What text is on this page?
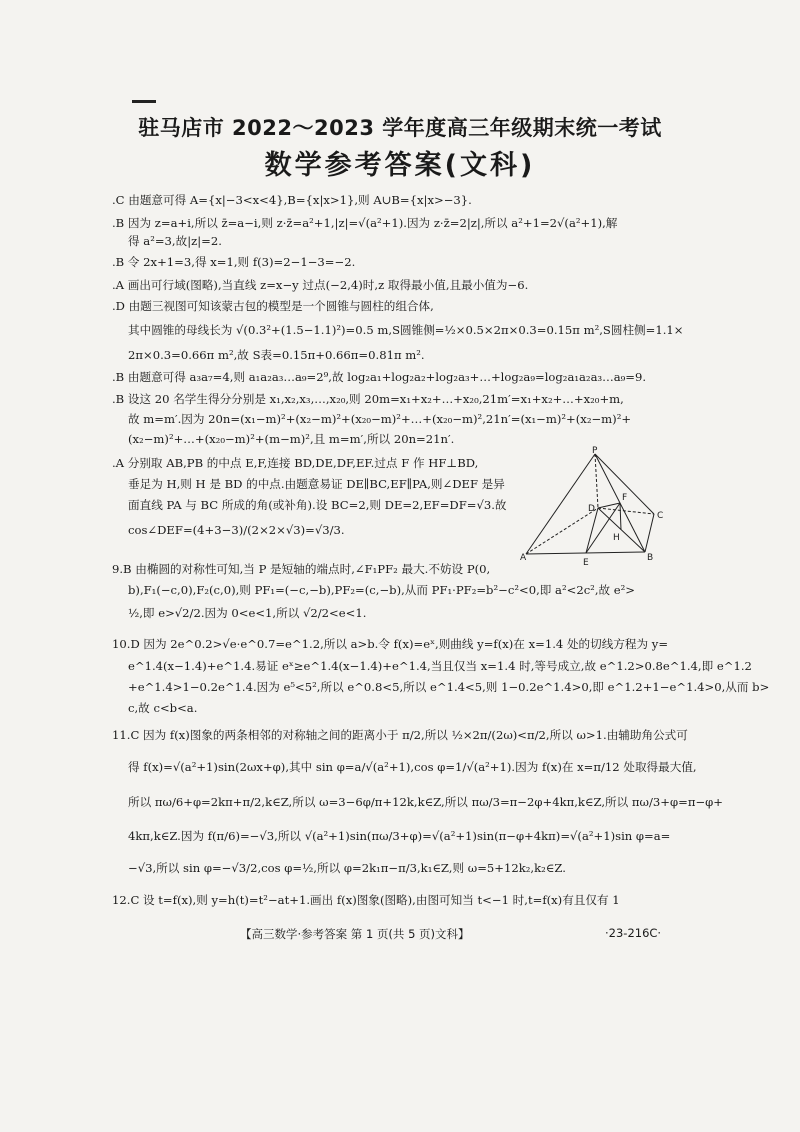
驻马店市 2022～2023 学年度高三年级期末统一考试
数学参考答案(文科)
.C 由题意可得 A={x|−3<x<4},B={x|x>1},则 A∪B={x|x>−3}.
.B 因为 z=a+i,所以 z̄=a−i,则 z·z̄=a²+1,|z|=√(a²+1).因为 z·z̄=2|z|,所以 a²+1=2√(a²+1),解
得 a²=3,故|z|=2.
.B 令 2x+1=3,得 x=1,则 f(3)=2−1−3=−2.
.A 画出可行域(图略),当直线 z=x−y 过点(−2,4)时,z 取得最小值,且最小值为−6.
.D 由题三视图可知该蒙古包的模型是一个圆锥与圆柱的组合体,
其中圆锥的母线长为 √(0.3²+(1.5−1.1)²)=0.5 m,S圆锥侧=½×0.5×2π×0.3=0.15π m²,S圆柱侧=1.1×
2π×0.3=0.66π m²,故 S表=0.15π+0.66π=0.81π m².
.B 由题意可得 a₃a₇=4,则 a₁a₂a₃…a₉=2⁹,故 log₂a₁+log₂a₂+log₂a₃+…+log₂a₉=log₂a₁a₂a₃…a₉=9.
.B 设这 20 名学生得分分别是 x₁,x₂,x₃,…,x₂₀,则 20m=x₁+x₂+…+x₂₀,21m′=x₁+x₂+…+x₂₀+m,
故 m=m′.因为 20n=(x₁−m)²+(x₂−m)²+(x₂₀−m)²+…+(x₂₀−m)²,21n′=(x₁−m)²+(x₂−m)²+
(x₂−m)²+…+(x₂₀−m)²+(m−m)²,且 m=m′,所以 20n=21n′.
.A 分别取 AB,PB 的中点 E,F,连接 BD,DE,DF,EF.过点 F 作 HF⊥BD,
垂足为 H,则 H 是 BD 的中点.由题意易证 DE∥BC,EF∥PA,则∠DEF 是异
面直线 PA 与 BC 所成的角(或补角).设 BC=2,则 DE=2,EF=DF=√3.故
cos∠DEF=(4+3−3)/(2×2×√3)=√3/3.
P
A	B
C
D
E
F
H
9.B 由椭圆的对称性可知,当 P 是短轴的端点时,∠F₁PF₂ 最大.不妨设 P(0,
b),F₁(−c,0),F₂(c,0),则 PF₁=(−c,−b),PF₂=(c,−b),从而 PF₁·PF₂=b²−c²<0,即 a²<2c²,故 e²>
½,即 e>√2/2.因为 0<e<1,所以 √2/2<e<1.
10.D 因为 2e^0.2>√e·e^0.7=e^1.2,所以 a>b.令 f(x)=eˣ,则曲线 y=f(x)在 x=1.4 处的切线方程为 y=
e^1.4(x−1.4)+e^1.4.易证 eˣ≥e^1.4(x−1.4)+e^1.4,当且仅当 x=1.4 时,等号成立,故 e^1.2>0.8e^1.4,即 e^1.2
+e^1.4>1−0.2e^1.4.因为 e⁵<5²,所以 e^0.8<5,所以 e^1.4<5,则 1−0.2e^1.4>0,即 e^1.2+1−e^1.4>0,从而 b>
c,故 c<b<a.
11.C 因为 f(x)图象的两条相邻的对称轴之间的距离小于 π/2,所以 ½×2π/(2ω)<π/2,所以 ω>1.由辅助角公式可
得 f(x)=√(a²+1)sin(2ωx+φ),其中 sin φ=a/√(a²+1),cos φ=1/√(a²+1).因为 f(x)在 x=π/12 处取得最大值,
所以 πω/6+φ=2kπ+π/2,k∈Z,所以 ω=3−6φ/π+12k,k∈Z,所以 πω/3=π−2φ+4kπ,k∈Z,所以 πω/3+φ=π−φ+
4kπ,k∈Z.因为 f(π/6)=−√3,所以 √(a²+1)sin(πω/3+φ)=√(a²+1)sin(π−φ+4kπ)=√(a²+1)sin φ=a=
−√3,所以 sin φ=−√3/2,cos φ=½,所以 φ=2k₁π−π/3,k₁∈Z,则 ω=5+12k₂,k₂∈Z.
12.C 设 t=f(x),则 y=h(t)=t²−at+1.画出 f(x)图象(图略),由图可知当 t<−1 时,t=f(x)有且仅有 1
【高三数学·参考答案 第 1 页(共 5 页)文科】	·23-216C·
